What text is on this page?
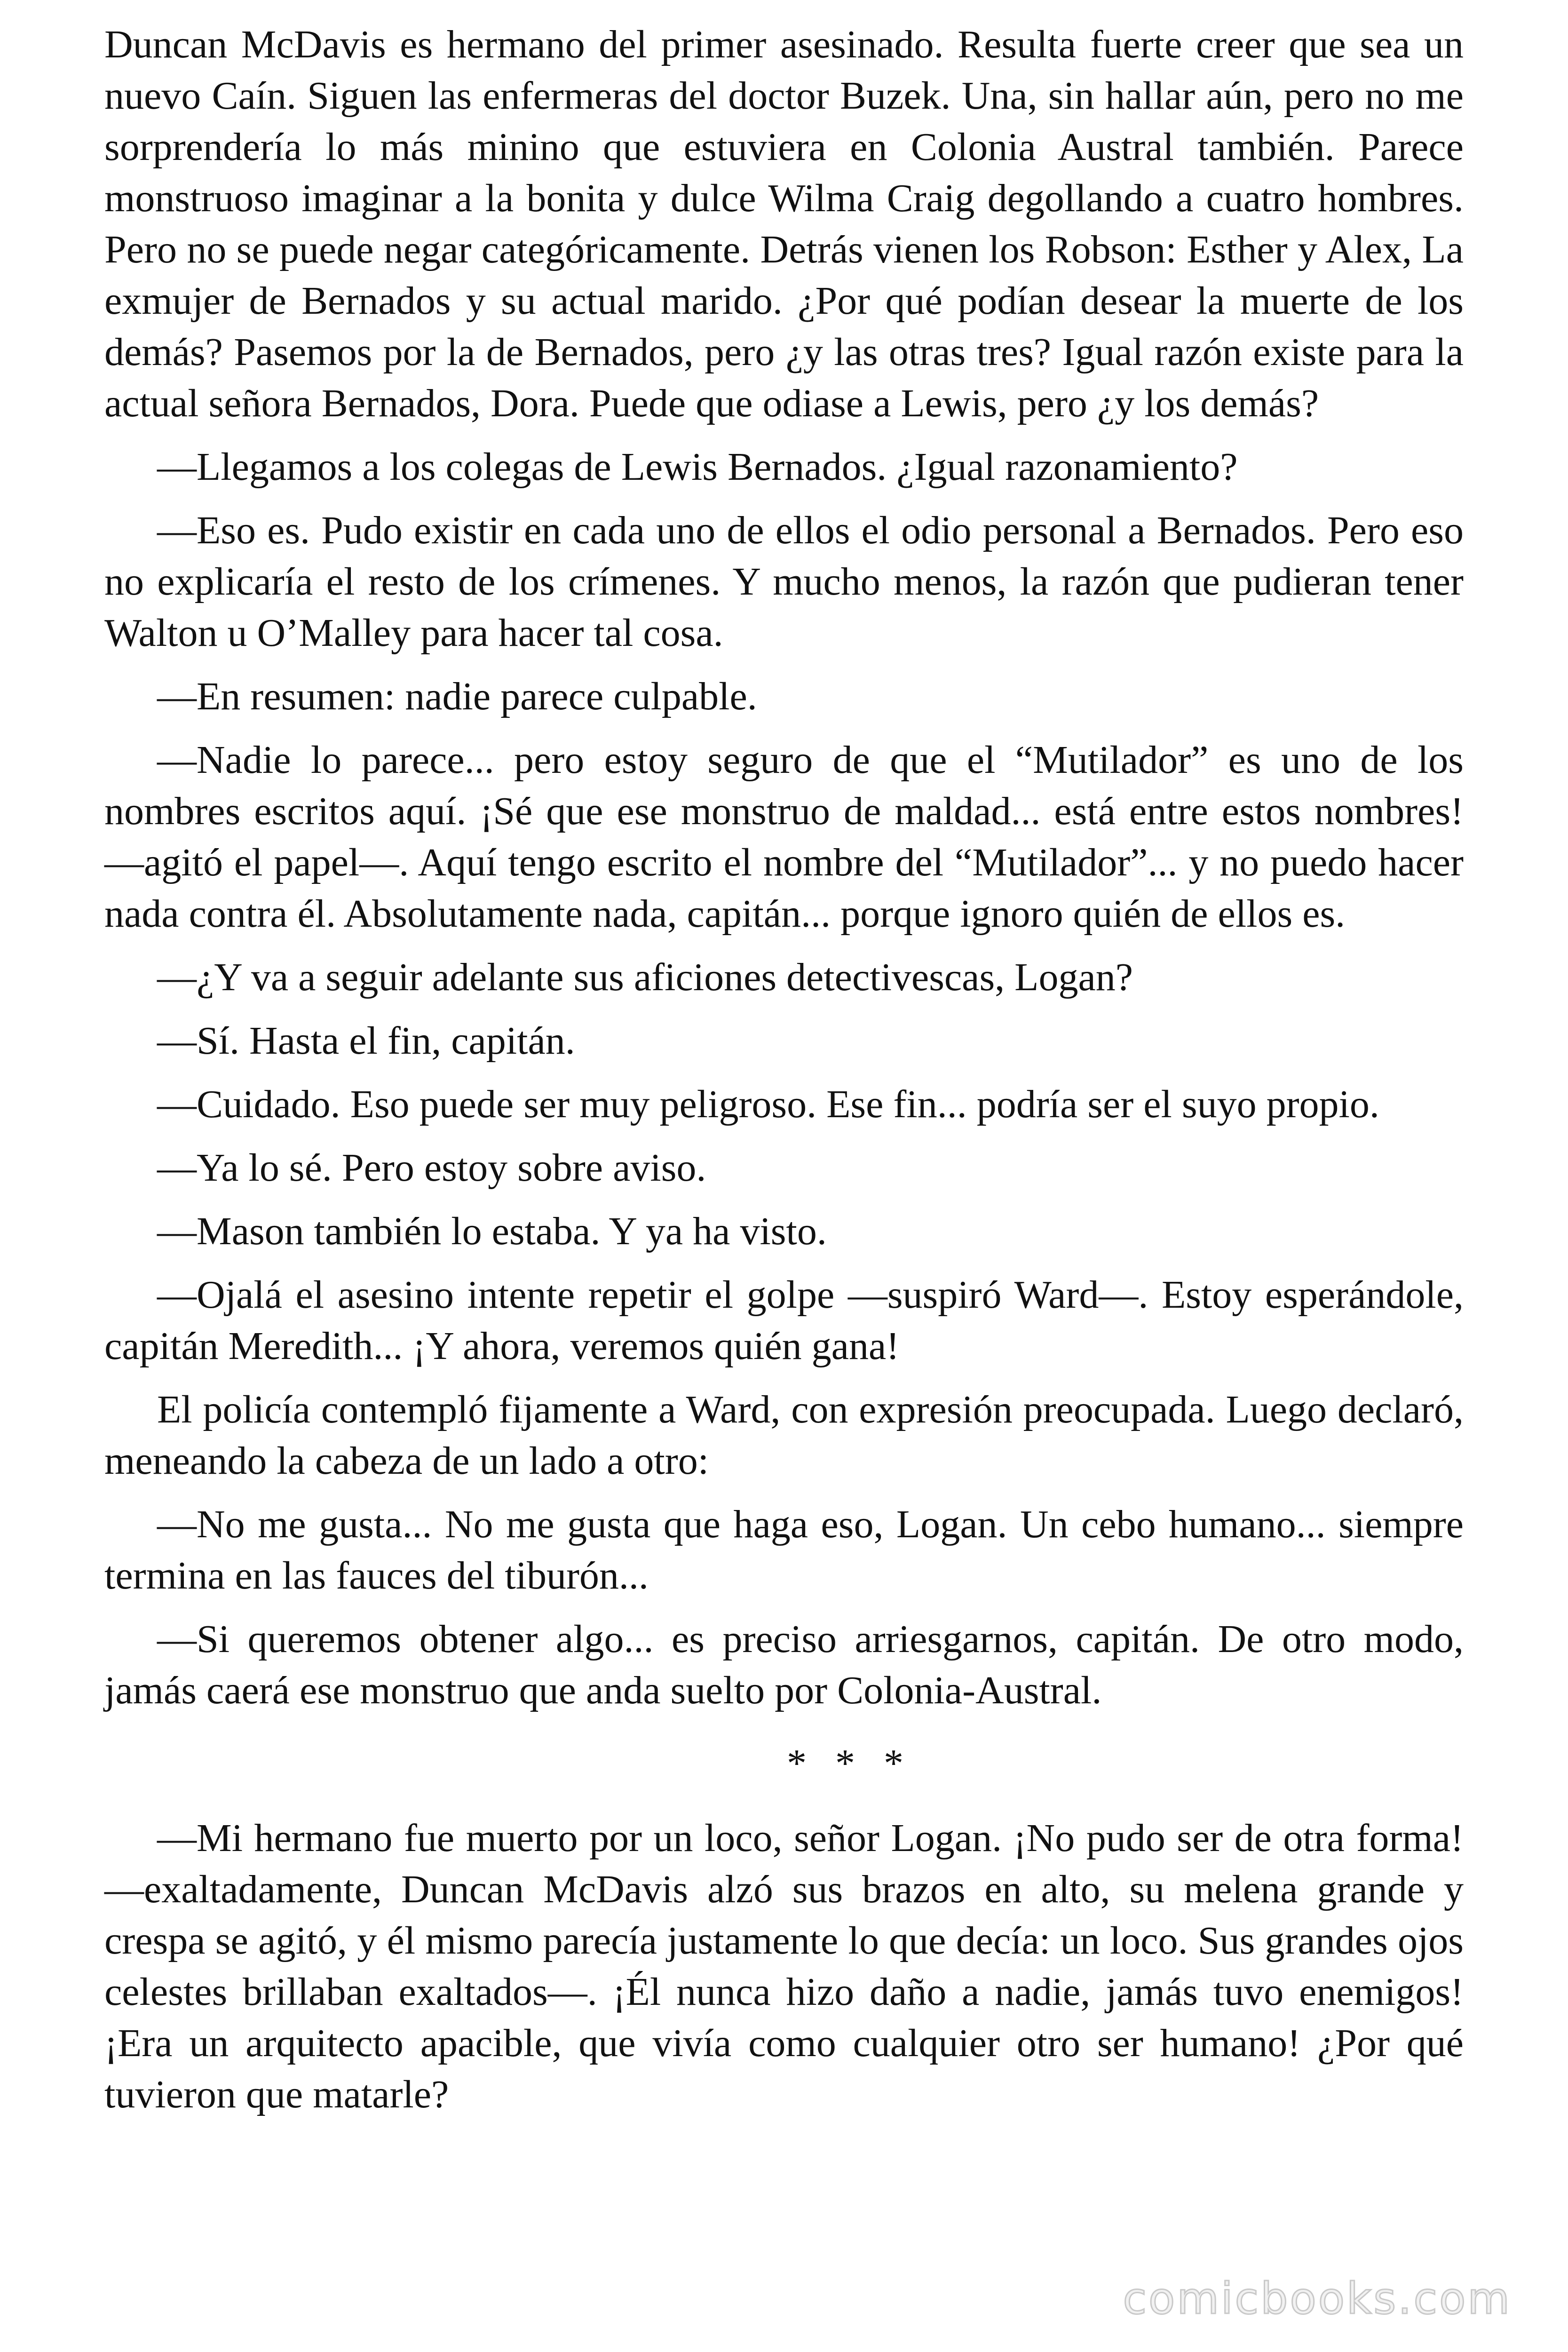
Duncan McDavis es hermano del primer asesinado. Resulta fuerte creer que sea un nuevo Caín. Siguen las enfermeras del doctor Buzek. Una, sin hallar aún, pero no me sorprendería lo más minino que estuviera en Colonia Austral también. Parece monstruoso imaginar a la bonita y dulce Wilma Craig degollando a cuatro hombres. Pero no se puede negar categóricamente. Detrás vienen los Robson: Esther y Alex, La exmujer de Bernados y su actual marido. ¿Por qué podían desear la muerte de los demás? Pasemos por la de Bernados, pero ¿y las otras tres? Igual razón existe para la actual señora Bernados, Dora. Puede que odiase a Lewis, pero ¿y los demás?

—Llegamos a los colegas de Lewis Bernados. ¿Igual razonamiento?

—Eso es. Pudo existir en cada uno de ellos el odio personal a Bernados. Pero eso no explicaría el resto de los crímenes. Y mucho menos, la razón que pudieran tener Walton u O’Malley para hacer tal cosa.

—En resumen: nadie parece culpable.

—Nadie lo parece... pero estoy seguro de que el “Mutilador” es uno de los nombres escritos aquí. ¡Sé que ese monstruo de maldad... está entre estos nombres! —agitó el papel—. Aquí tengo escrito el nombre del “Mutilador”... y no puedo hacer nada contra él. Absolutamente nada, capitán... porque ignoro quién de ellos es.

—¿Y va a seguir adelante sus aficiones detectivescas, Logan?

—Sí. Hasta el fin, capitán.

—Cuidado. Eso puede ser muy peligroso. Ese fin... podría ser el suyo propio.

—Ya lo sé. Pero estoy sobre aviso.

—Mason también lo estaba. Y ya ha visto.

—Ojalá el asesino intente repetir el golpe —suspiró Ward—. Estoy esperándole, capitán Meredith... ¡Y ahora, veremos quién gana!

El policía contempló fijamente a Ward, con expresión preocupada. Luego declaró, meneando la cabeza de un lado a otro:

—No me gusta... No me gusta que haga eso, Logan. Un cebo humano... siempre termina en las fauces del tiburón...

—Si queremos obtener algo... es preciso arriesgarnos, capitán. De otro modo, jamás caerá ese monstruo que anda suelto por Colonia-Austral.

* * *

—Mi hermano fue muerto por un loco, señor Logan. ¡No pudo ser de otra forma! —exaltadamente, Duncan McDavis alzó sus brazos en alto, su melena grande y crespa se agitó, y él mismo parecía justamente lo que decía: un loco. Sus grandes ojos celestes brillaban exaltados—. ¡Él nunca hizo daño a nadie, jamás tuvo enemigos! ¡Era un arquitecto apacible, que vivía como cualquier otro ser humano! ¿Por qué tuvieron que matarle?

comicbooks.com
